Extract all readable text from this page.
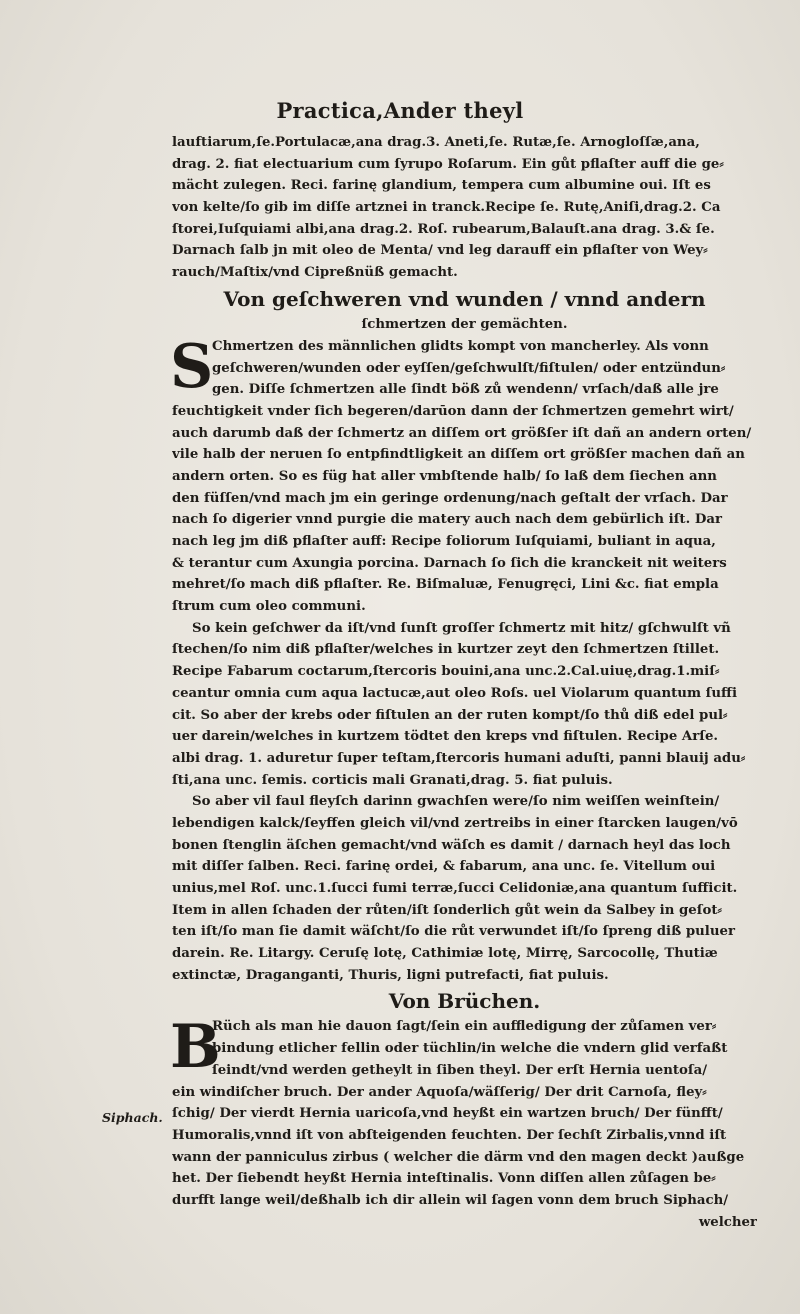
Practica,Ander theyl
lauftiarum,ſe.Portulacæ,ana drag.3. Aneti,ſe. Rutæ,ſe. Arnogloſſæ,ana,
drag. 2. fiat electuarium cum ſyrupo Roſarum. Ein gůt pflaſter auff die ge⸗
mächt zulegen. Reci. farinę glandium, tempera cum albumine oui. Iſt es
von kelte/ſo gib im diſſe artznei in tranck.Recipe ſe. Rutę,Aniſi,drag.2. Ca
ſtorei,Iuſquiami albi,ana drag.2. Roſ. rubearum,Balauſt.ana drag. 3.& ſe.
Darnach ſalb jn mit oleo de Menta/ vnd leg darauff ein pflaſter von Wey⸗
rauch/Maſtix/vnd Cipreßnüß gemacht.
Von geſchweren vnd wunden / vnnd andern
ſchmertzen der gemächten.
S
Chmertzen des männlichen glidts kompt von mancherley. Als vonn
geſchweren/wunden oder eyſſen/geſchwulſt/fiſtulen/ oder entzündun⸗
gen. Diſſe ſchmertzen alle ſindt böß zů wendenn/ vrſach/daß alle jre
feuchtigkeit vnder ſich begeren/darūon dann der ſchmertzen gemehrt wirt/
auch darumb daß der ſchmertz an diſſem ort größſer iſt dañ an andern orten/
vile halb der neruen ſo entpfindtligkeit an diſſem ort größſer machen dañ an
andern orten. So es füg hat aller vmbſtende halb/ ſo laß dem ſiechen ann
den füſſen/vnd mach jm ein geringe ordenung/nach geſtalt der vrſach. Dar
nach ſo digerier vnnd purgie die matery auch nach dem gebürlich iſt. Dar
nach leg jm diß pflaſter auff: Recipe foliorum Iuſquiami, buliant in aqua,
& terantur cum Axungia porcina. Darnach ſo ſich die kranckeit nit weiters
mehret/ſo mach diß pflaſter. Re. Biſmaluæ, Fenugręci, Lini &c. fiat empla
ſtrum cum oleo communi.
So kein geſchwer da iſt/vnd ſunſt groſſer ſchmertz mit hitz/ gſchwulſt vñ
ſtechen/ſo nim diß pflaſter/welches in kurtzer zeyt den ſchmertzen ſtillet.
Recipe Fabarum coctarum,ſtercoris bouini,ana unc.2.Cal.uiuę,drag.1.miſ⸗
ceantur omnia cum aqua lactucæ,aut oleo Roſs. uel Violarum quantum ſuffi
cit. So aber der krebs oder fiſtulen an der ruten kompt/ſo thů diß edel pul⸗
uer darein/welches in kurtzem tödtet den kreps vnd fiſtulen. Recipe Arſe.
albi drag. 1. aduretur ſuper teſtam,ſtercoris humani aduſti, panni blauij adu⸗
ſti,ana unc. ſemis. corticis mali Granati,drag. 5. fiat puluis.
So aber vil faul fleyſch darinn gwachſen were/ſo nim weiſſen weinſtein/
lebendigen kalck/ſeyffen gleich vil/vnd zertreibs in einer ſtarcken laugen/vō
bonen ſtenglin äſchen gemacht/vnd wäſch es damit / darnach heyl das loch
mit diſſer ſalben. Reci. farinę ordei, & fabarum, ana unc. ſe. Vitellum oui
unius,mel Roſ. unc.1.ſucci fumi terræ,ſucci Celidoniæ,ana quantum ſufficit.
Item in allen ſchaden der růten/iſt ſonderlich gůt wein da Salbey in geſot⸗
ten iſt/ſo man ſie damit wäſcht/ſo die růt verwundet iſt/ſo ſpreng diß puluer
darein. Re. Litargy. Ceruſę lotę, Cathimiæ lotę, Mirrę, Sarcocollę, Thutiæ
extinctæ, Draganganti, Thuris, ligni putrefacti, fiat puluis.
Von Brüchen.
B
Rüch als man hie dauon ſagt/ſein ein auffledigung der zůſamen ver⸗
bindung etlicher fellin oder tüchlin/in welche die vndern glid verfaßt
ſeindt/vnd werden getheylt in ſiben theyl. Der erſt Hernia uentoſa/
ein windiſcher bruch. Der ander Aquoſa/wäſſerig/ Der drit Carnoſa, fley⸗
ſchig/ Der vierdt Hernia uaricoſa,vnd heyßt ein wartzen bruch/ Der fünfft/
Humoralis,vnnd iſt von abſteigenden feuchten. Der ſechſt Zirbalis,vnnd iſt
wann der panniculus zirbus ( welcher die därm vnd den magen deckt )außge
het. Der ſiebendt heyßt Hernia inteſtinalis. Vonn diſſen allen zůſagen be⸗
durfft lange weil/deßhalb ich dir allein wil ſagen vonn dem bruch Siphach/
welcher
Siphach.
